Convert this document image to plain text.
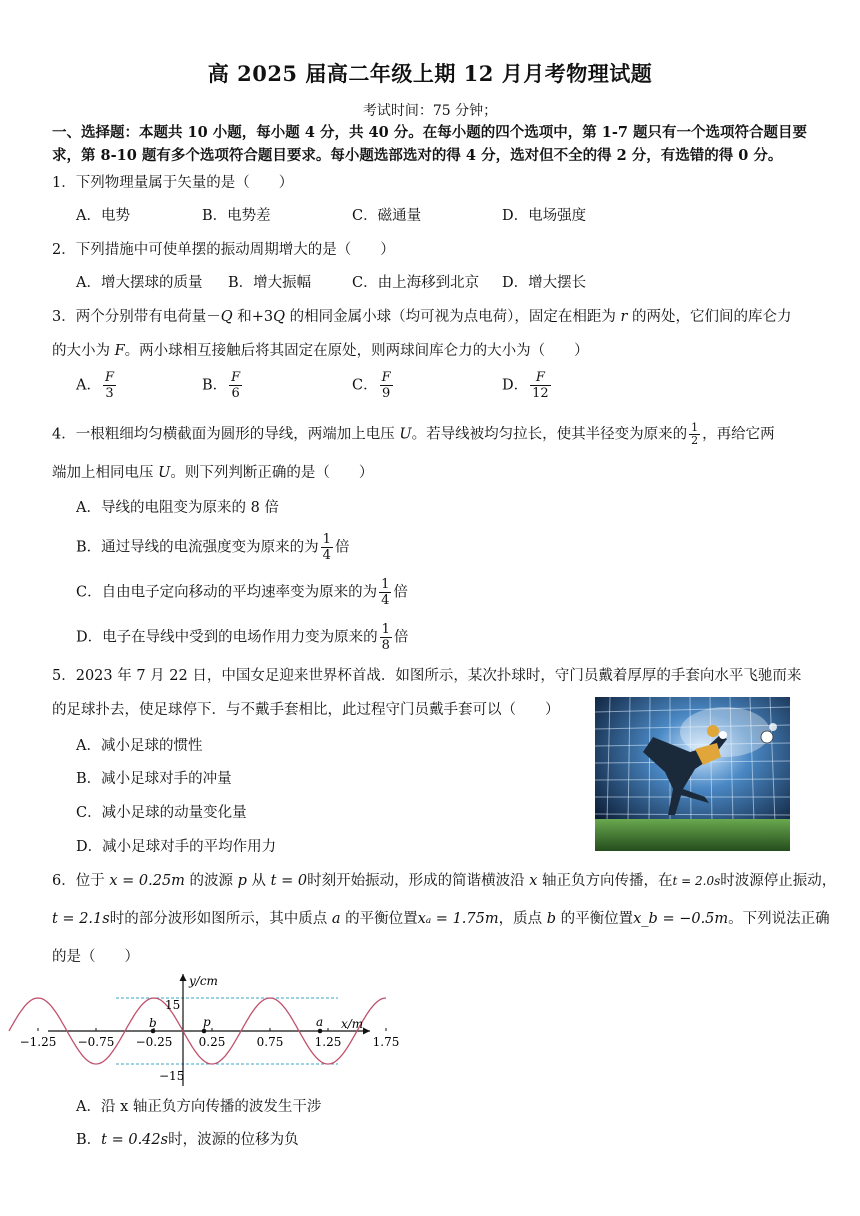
高 2025 届高二年级上期 12 月月考物理试题
考试时间：75 分钟；
一、选择题：本题共 10 小题，每小题 4 分，共 40 分。在每小题的四个选项中，第 1-7 题只有一个选项符合题目要
求，第 8-10 题有多个选项符合题目要求。每小题选部选对的得 4 分，选对但不全的得 2 分，有选错的得 0 分。
1．下列物理量属于矢量的是（　　）
A．电势	B．电势差	C．磁通量	D．电场强度
2．下列措施中可使单摆的振动周期增大的是（　　）
A．增大摆球的质量 B．增大振幅	C．由上海移到北京 D．增大摆长
3．两个分别带有电荷量－Q 和+3Q 的相同金属小球（均可视为点电荷），固定在相距为 r 的两处，它们间的库仑力
的大小为 F。两小球相互接触后将其固定在原处，则两球间库仑力的大小为（　　）
A． $\frac{F}{3}$	B． $\frac{F}{6}$	C． $\frac{F}{9}$	D． $\frac{F}{12}$
4．一根粗细均匀横截面为圆形的导线，两端加上电压 U。若导线被均匀拉长，使其半径变为原来的 $\frac{1}{2}$ ，再给它两
端加上相同电压 U。则下列判断正确的是（　　）
A．导线的电阻变为原来的 8 倍
B．通过导线的电流强度变为原来的为 $\frac{1}{4}$ 倍
C．自由电子定向移动的平均速率变为原来的为 $\frac{1}{4}$ 倍
D．电子在导线中受到的电场作用力变为原来的 $\frac{1}{8}$ 倍
5．2023 年 7 月 22 日，中国女足迎来世界杯首战．如图所示，某次扑球时，守门员戴着厚厚的手套向水平飞驰而来
的足球扑去，使足球停下．与不戴手套相比，此过程守门员戴手套可以（　　）
A．减小足球的惯性
B．减小足球对手的冲量
C．减小足球的动量变化量
D．减小足球对手的平均作用力
6．位于 x = 0.25m 的波源 p 从 t = 0时刻开始振动，形成的简谐横波沿 x 轴正负方向传播，在t = 2.0s时波源停止振动，
t = 2.1s时的部分波形如图所示，其中质点 a 的平衡位置xₐ = 1.75m，质点 b 的平衡位置x_b = −0.5m。下列说法正确
的是（　　）
−1.25 −0.75 −0.25 0.25	0.75	1.25	1.75
y/cm
x/m
15
−15
b	p	a
A．沿 x 轴正负方向传播的波发生干涉
B．t = 0.42s时，波源的位移为负
